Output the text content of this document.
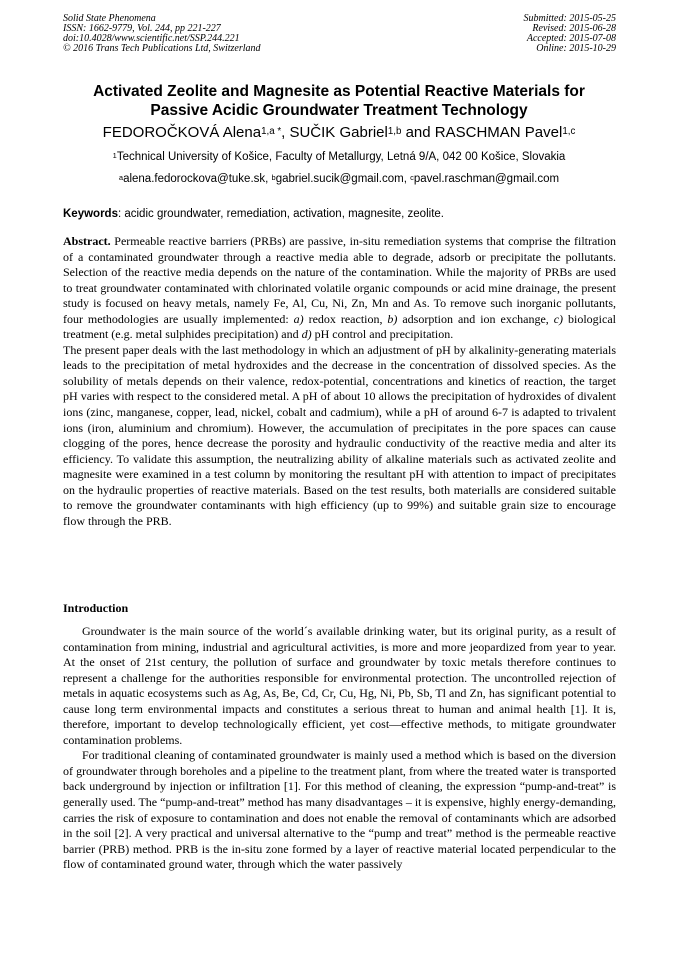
Solid State Phenomena
ISSN: 1662-9779, Vol. 244, pp 221-227
doi:10.4028/www.scientific.net/SSP.244.221
© 2016 Trans Tech Publications Ltd, Switzerland
Submitted: 2015-05-25
Revised: 2015-06-28
Accepted: 2015-07-08
Online: 2015-10-29
Activated Zeolite and Magnesite as Potential Reactive Materials for
Passive Acidic Groundwater Treatment Technology
FEDOROČKOVÁ Alena$^{1,a *}$, SUČIK Gabriel$^{1,b}$ and RASCHMAN Pavel$^{1,c}$
$^1$Technical University of Košice, Faculty of Metallurgy, Letná 9/A, 042 00 Košice, Slovakia
$^a$alena.fedorockova@tuke.sk, $^b$gabriel.sucik@gmail.com, $^c$pavel.raschman@gmail.com
Keywords: acidic groundwater, remediation, activation, magnesite, zeolite.

Abstract. Permeable reactive barriers (PRBs) are passive, in-situ remediation systems that comprise the filtration of a contaminated groundwater through a reactive media able to degrade, adsorb or precipitate the pollutants. Selection of the reactive media depends on the nature of the contamination. While the majority of PRBs are used to treat groundwater contaminated with chlorinated volatile organic compounds or acid mine drainage, the present study is focused on heavy metals, namely Fe, Al, Cu, Ni, Zn, Mn and As. To remove such inorganic pollutants, four methodologies are usually implemented: a) redox reaction, b) adsorption and ion exchange, c) biological treatment (e.g. metal sulphides precipitation) and d) pH control and precipitation.

The present paper deals with the last methodology in which an adjustment of pH by alkalinity-generating materials leads to the precipitation of metal hydroxides and the decrease in the concentration of dissolved species. As the solubility of metals depends on their valence, redox-potential, concentrations and kinetics of reaction, the target pH varies with respect to the considered metal. A pH of about 10 allows the precipitation of hydroxides of divalent ions (zinc, manganese, copper, lead, nickel, cobalt and cadmium), while a pH of around 6-7 is adapted to trivalent ions (iron, aluminium and chromium). However, the accumulation of precipitates in the pore spaces can cause clogging of the pores, hence decrease the porosity and hydraulic conductivity of the reactive media and alter its efficiency. To validate this assumption, the neutralizing ability of alkaline materials such as activated zeolite and magnesite were examined in a test column by monitoring the resultant pH with attention to impact of precipitates on the hydraulic properties of reactive materials. Based on the test results, both materialls are considered suitable to remove the groundwater contaminants with high efficiency (up to 99%) and suitable grain size to encourage flow through the PRB.

Introduction

Groundwater is the main source of the world´s available drinking water, but its original purity, as a result of contamination from mining, industrial and agricultural activities, is more and more jeopardized from year to year. At the onset of 21st century, the pollution of surface and groundwater by toxic metals therefore continues to represent a challenge for the authorities responsible for environmental protection. The uncontrolled rejection of metals in aquatic ecosystems such as Ag, As, Be, Cd, Cr, Cu, Hg, Ni, Pb, Sb, Tl and Zn, has significant potential to cause long term environmental impacts and constitutes a serious threat to human and animal health [1]. It is, therefore, important to develop technologically efficient, yet cost—effective methods, to mitigate groundwater contamination problems.

For traditional cleaning of contaminated groundwater is mainly used a method which is based on the diversion of groundwater through boreholes and a pipeline to the treatment plant, from where the treated water is transported back underground by injection or infiltration [1]. For this method of cleaning, the expression “pump-and-treat” is generally used. The “pump-and-treat” method has many disadvantages – it is expensive, highly energy-demanding, carries the risk of exposure to contamination and does not enable the removal of contaminants which are adsorbed in the soil [2]. A very practical and universal alternative to the “pump and treat” method is the permeable reactive barrier (PRB) method. PRB is the in-situ zone formed by a layer of reactive material located perpendicular to the flow of contaminated ground water, through which the water passively
